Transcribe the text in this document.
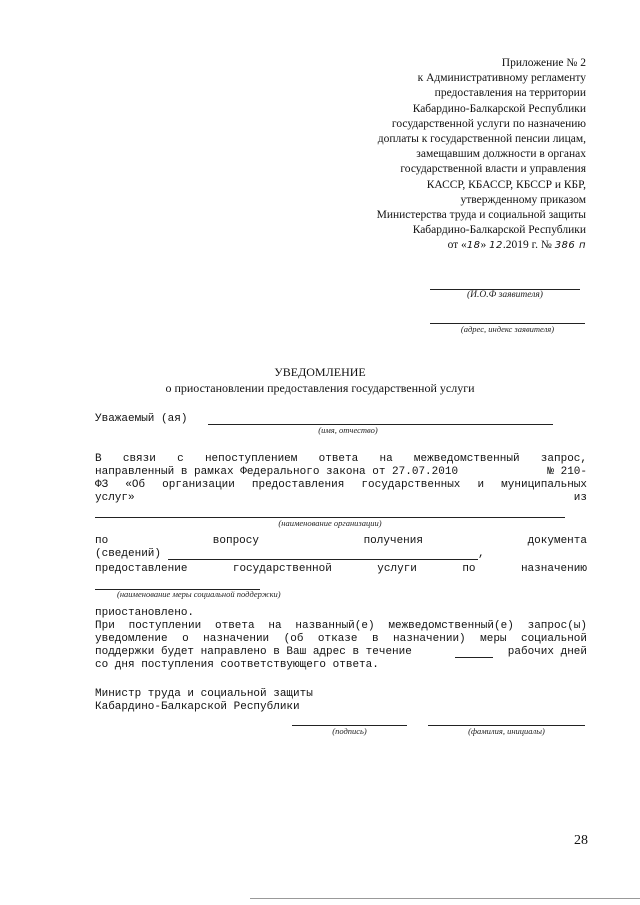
Приложение № 2
к Административному регламенту
предоставления на территории
Кабардино-Балкарской Республики
государственной услуги по назначению
доплаты к государственной пенсии лицам,
замещавшим должности в органах
государственной власти и управления
КАССР, КБАССР, КБССР и КБР,
утвержденному приказом
Министерства труда и социальной защиты
Кабардино-Балкарской Республики
от «18» 12.2019 г. № 386 п
(И.О.Ф заявителя)
(адрес, индекс заявителя)
УВЕДОМЛЕНИЕ
о приостановлении предоставления государственной услуги
Уважаемый (ая)
(имя, отчество)
В связи с непоступлением ответа на межведомственный запрос,
направленный в рамках Федерального закона от 27.07.2010	№ 210-
ФЗ «Об организации предоставления государственных и муниципальных
услуг»	из
(наименование организации)
по	вопросу	получения	документа
(сведений)	,
предоставление	государственной	услуги	по	назначению
(наименование меры социальной поддержки)
приостановлено.
При поступлении ответа на названный(е) межведомственный(е) запрос(ы)
уведомление о назначении (об отказе в назначении) меры социальной
поддержки будет направлено в Ваш адрес в течение	рабочих дней
со дня поступления соответствующего ответа.
Министр труда и социальной защиты
Кабардино-Балкарской Республики
(подпись)	(фамилия, инициалы)
28
